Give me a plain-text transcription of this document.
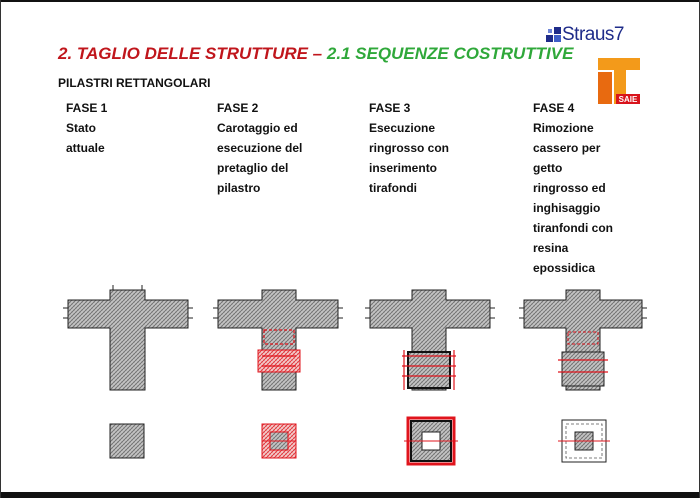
Straus7
SAIE
2. TAGLIO DELLE STRUTTURE – 2.1 SEQUENZE COSTRUTTIVE
PILASTRI RETTANGOLARI
FASE 1
Stato
attuale
FASE 2
Carotaggio ed
esecuzione del
pretaglio del
pilastro
FASE 3
Esecuzione
ringrosso con
inserimento
tirafondi
FASE 4
Rimozione
cassero per
getto
ringrosso ed
inghisaggio
tiranfondi con
resina
epossidica
